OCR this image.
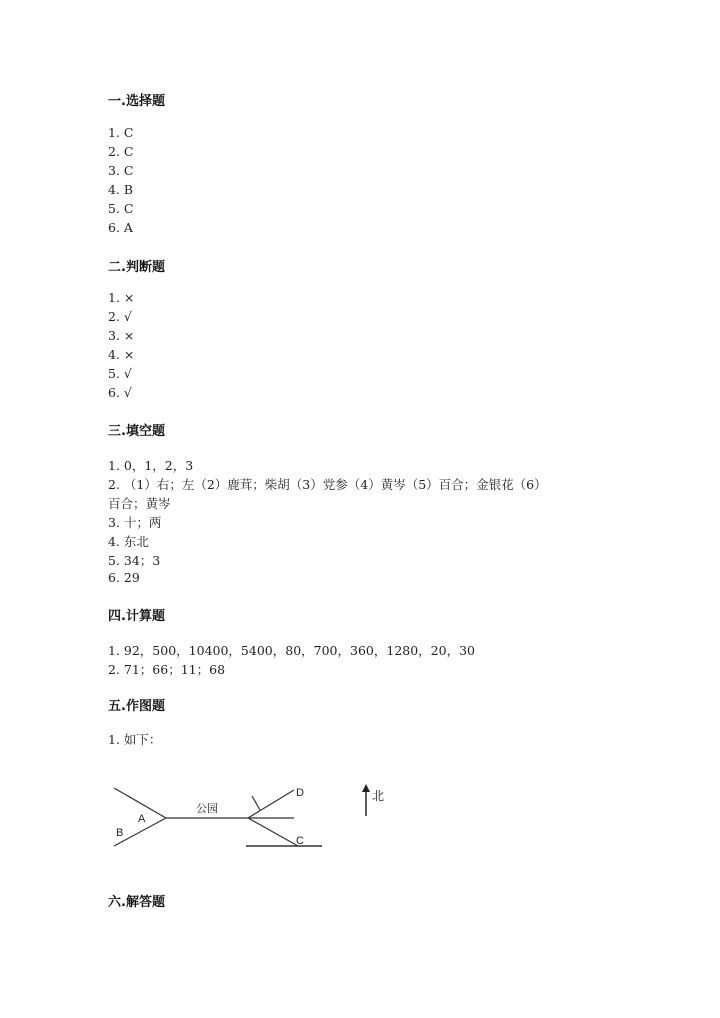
一.选择题
1. C
2. C
3. C
4. B
5. C
6. A
二.判断题
1. ×
2. √
3. ×
4. ×
5. √
6. √
三.填空题
1. 0，1，2，3
2. （1）右；左（2）鹿茸；柴胡（3）党参（4）黄岑（5）百合；金银花（6）
百合；黄岑
3. 十；两
4. 东北
5. 34；3
6. 29
四.计算题
1. 92，500，10400，5400，80，700，360，1280，20，30
2. 71；66；11；68
五.作图题
1. 如下：
A
B
C
D
公园
北
六.解答题
